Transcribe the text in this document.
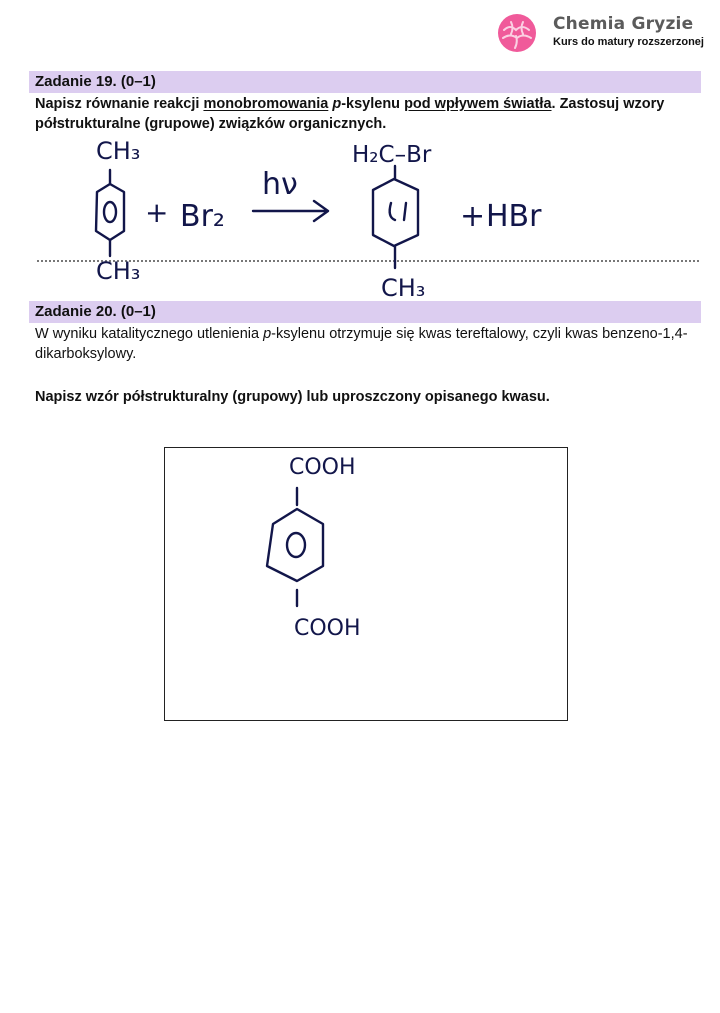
Chemia Gryzie
Kurs do matury rozszerzonej
Zadanie 19. (0–1)
Napisz równanie reakcji monobromowania p-ksylenu pod wpływem światła. Zastosuj wzory półstrukturalne (grupowe) związków organicznych.
Zadanie 20. (0–1)
W wyniku katalitycznego utlenienia p-ksylenu otrzymuje się kwas tereftalowy, czyli kwas benzeno-1,4-dikarboksylowy.
Napisz wzór półstrukturalny (grupowy) lub uproszczony opisanego kwasu.
CH₃
CH₃
+ Br₂
hν
H₂C–Br
CH₃
+ HBr
COOH
COOH
